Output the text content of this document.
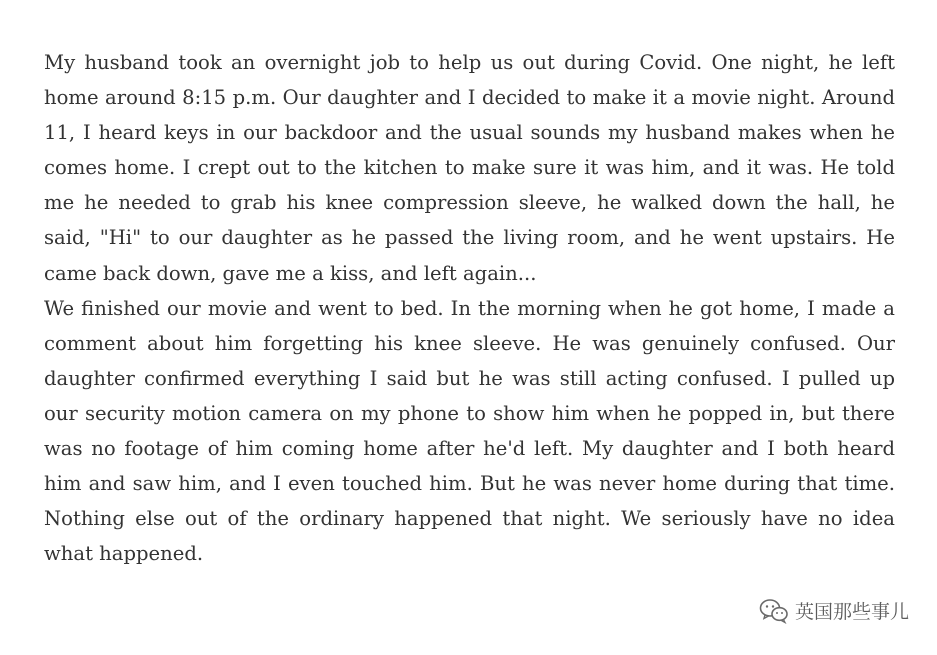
My husband took an overnight job to help us out during Covid. One night, he left home around 8:15 p.m. Our daughter and I decided to make it a movie night. Around 11, I heard keys in our backdoor and the usual sounds my husband makes when he comes home. I crept out to the kitchen to make sure it was him, and it was. He told me he needed to grab his knee compression sleeve, he walked down the hall, he said, "Hi" to our daughter as he passed the living room, and he went upstairs. He came back down, gave me a kiss, and left again...

We finished our movie and went to bed. In the morning when he got home, I made a comment about him forgetting his knee sleeve. He was genuinely confused. Our daughter confirmed everything I said but he was still acting confused. I pulled up our security motion camera on my phone to show him when he popped in, but there was no footage of him coming home after he'd left. My daughter and I both heard him and saw him, and I even touched him. But he was never home during that time. Nothing else out of the ordinary happened that night. We seriously have no idea what happened.

英国那些事儿
